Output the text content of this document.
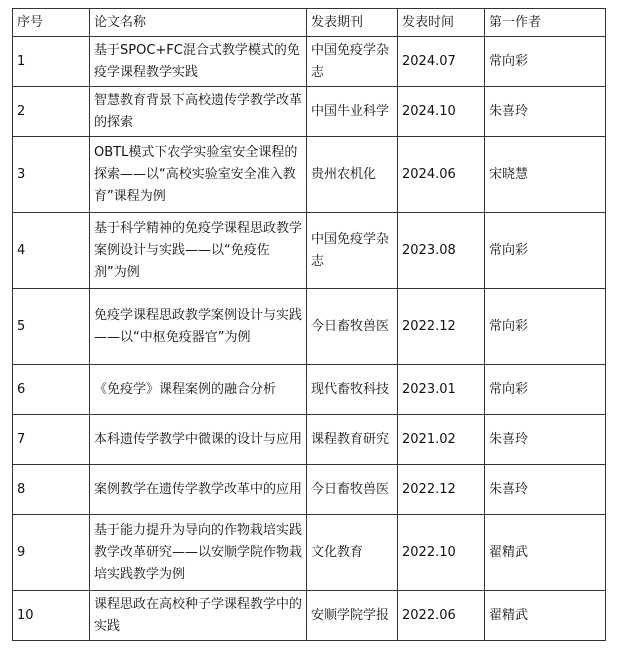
序号	论文名称	发表期刊	发表时间	第一作者
1	基于SPOC+FC混合式教学模式的免疫学课程教学实践	中国免疫学杂志	2024.07	常向彩
2	智慧教育背景下高校遗传学教学改革的探索	中国牛业科学	2024.10	朱喜玲
3	OBTL模式下农学实验室安全课程的探索——以“高校实验室安全准入教育”课程为例	贵州农机化	2024.06	宋晓慧
4	基于科学精神的免疫学课程思政教学案例设计与实践——以“免疫佐剂”为例	中国免疫学杂志	2023.08	常向彩
5	免疫学课程思政教学案例设计与实践——以“中枢免疫器官”为例	今日畜牧兽医	2022.12	常向彩
6	《免疫学》课程案例的融合分析	现代畜牧科技	2023.01	常向彩
7	本科遗传学教学中微课的设计与应用	课程教育研究	2021.02	朱喜玲
8	案例教学在遗传学教学改革中的应用	今日畜牧兽医	2022.12	朱喜玲
9	基于能力提升为导向的作物栽培实践教学改革研究——以安顺学院作物栽培实践教学为例	文化教育	2022.10	翟精武
10	课程思政在高校种子学课程教学中的实践	安顺学院学报	2022.06	翟精武
